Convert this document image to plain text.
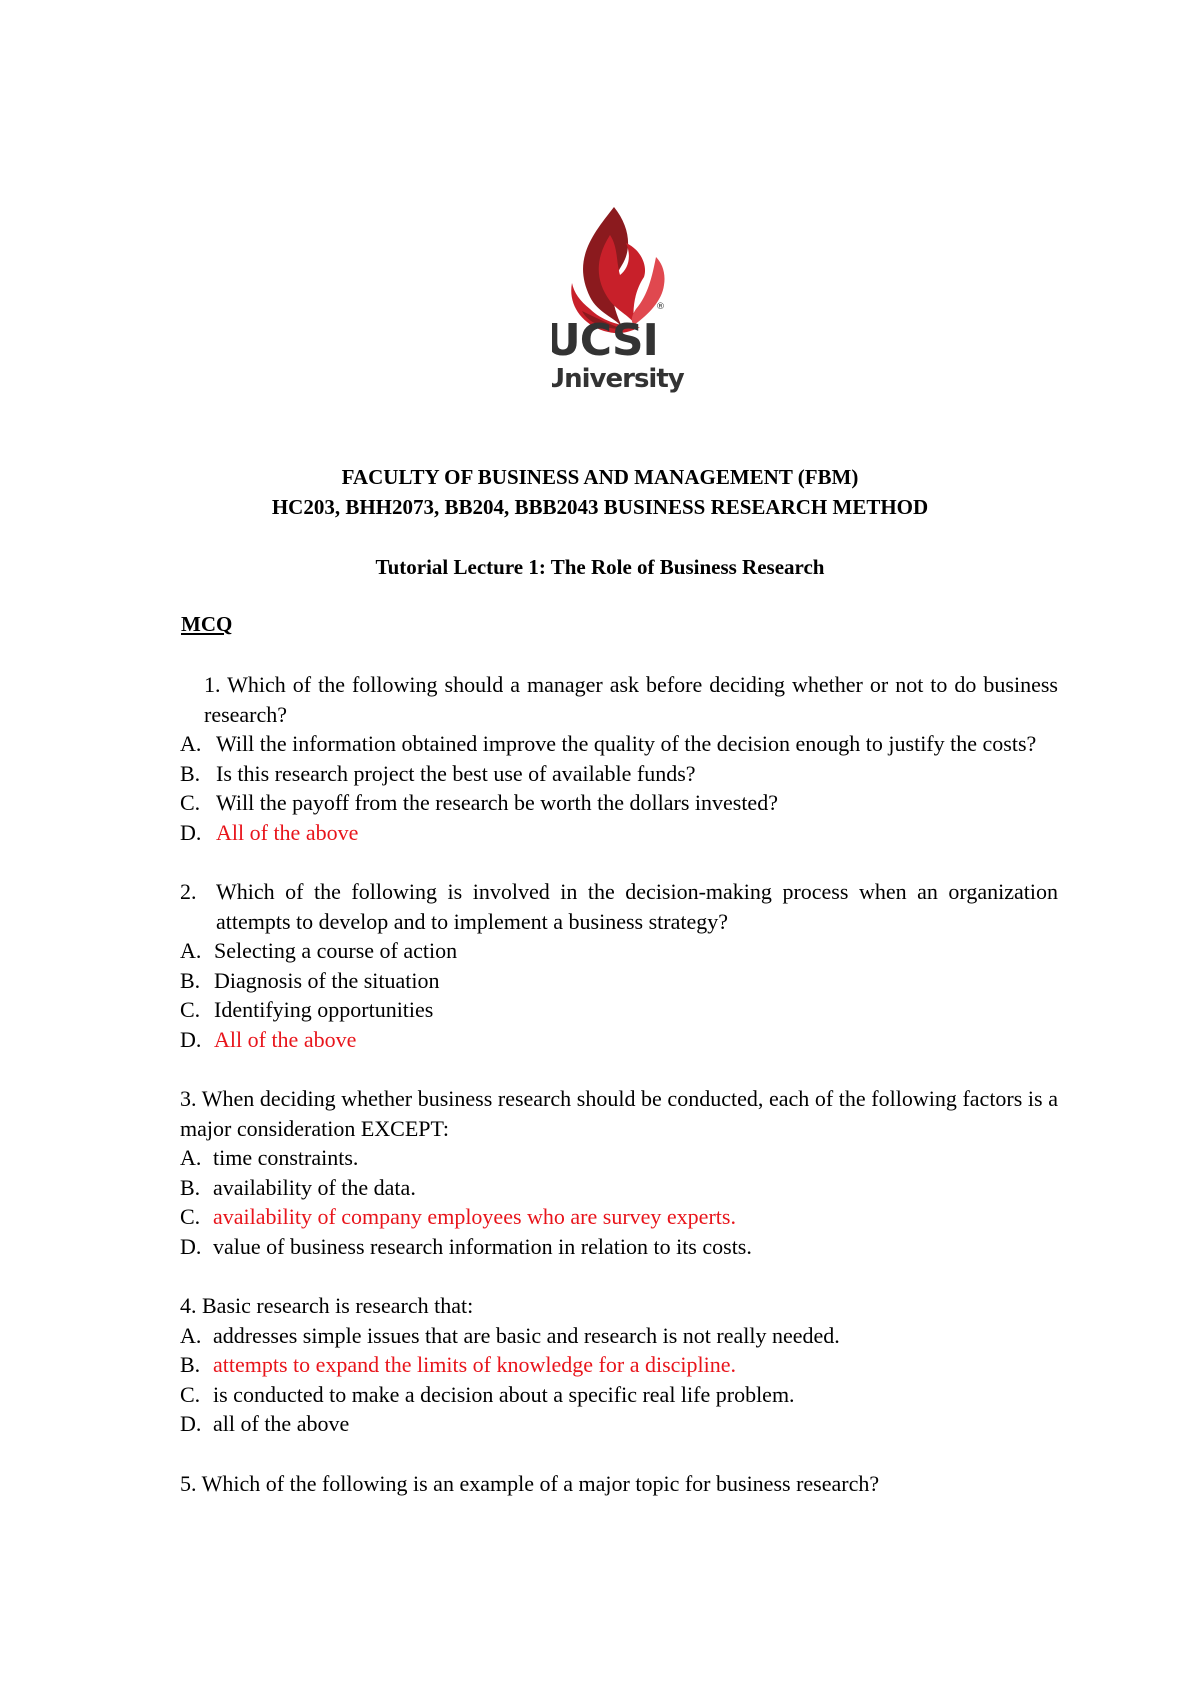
UCSI
®
University
FACULTY OF BUSINESS AND MANAGEMENT (FBM)
HC203, BHH2073, BB204, BBB2043 BUSINESS RESEARCH METHOD
Tutorial Lecture 1: The Role of Business Research
MCQ
1. Which of the following should a manager ask before deciding whether or not to do business research?
A. Will the information obtained improve the quality of the decision enough to justify the costs?
B. Is this research project the best use of available funds?
C. Will the payoff from the research be worth the dollars invested?
D. All of the above
2. Which of the following is involved in the decision-making process when an organization attempts to develop and to implement a business strategy?
A. Selecting a course of action
B. Diagnosis of the situation
C. Identifying opportunities
D. All of the above
3. When deciding whether business research should be conducted, each of the following factors is a major consideration EXCEPT:
A. time constraints.
B. availability of the data.
C. availability of company employees who are survey experts.
D. value of business research information in relation to its costs.
4. Basic research is research that:
A. addresses simple issues that are basic and research is not really needed.
B. attempts to expand the limits of knowledge for a discipline.
C. is conducted to make a decision about a specific real life problem.
D. all of the above
5. Which of the following is an example of a major topic for business research?
